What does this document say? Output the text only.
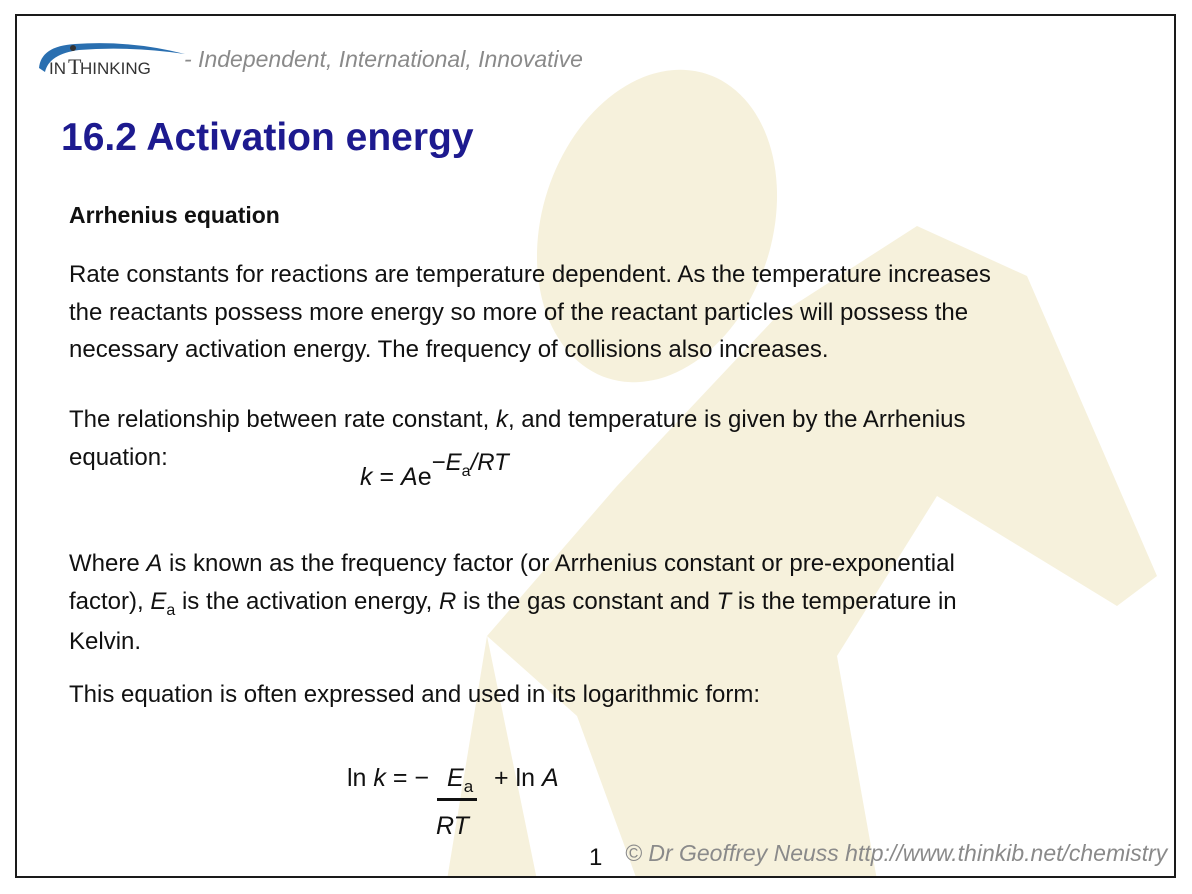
IN T
HINKING - Independent, International, Innovative
16.2 Activation energy
Arrhenius equation
Rate constants for reactions are temperature dependent. As the temperature increases
the reactants possess more energy so more of the reactant particles will possess the
necessary activation energy. The frequency of collisions also increases.
The relationship between rate constant, k, and temperature is given by the Arrhenius
equation:
$k = Ae-E_a/RT$
Where A is known as the frequency factor (or Arrhenius constant or pre-exponential
factor), $E_a$ is the activation energy, R is the gas constant and T is the temperature in
Kelvin.
This equation is often expressed and used in its logarithmic form:
ln k = − $E_a + \ln A$
RT
1 © Dr Geoffrey Neuss http://www.thinkib.net/chemistry
